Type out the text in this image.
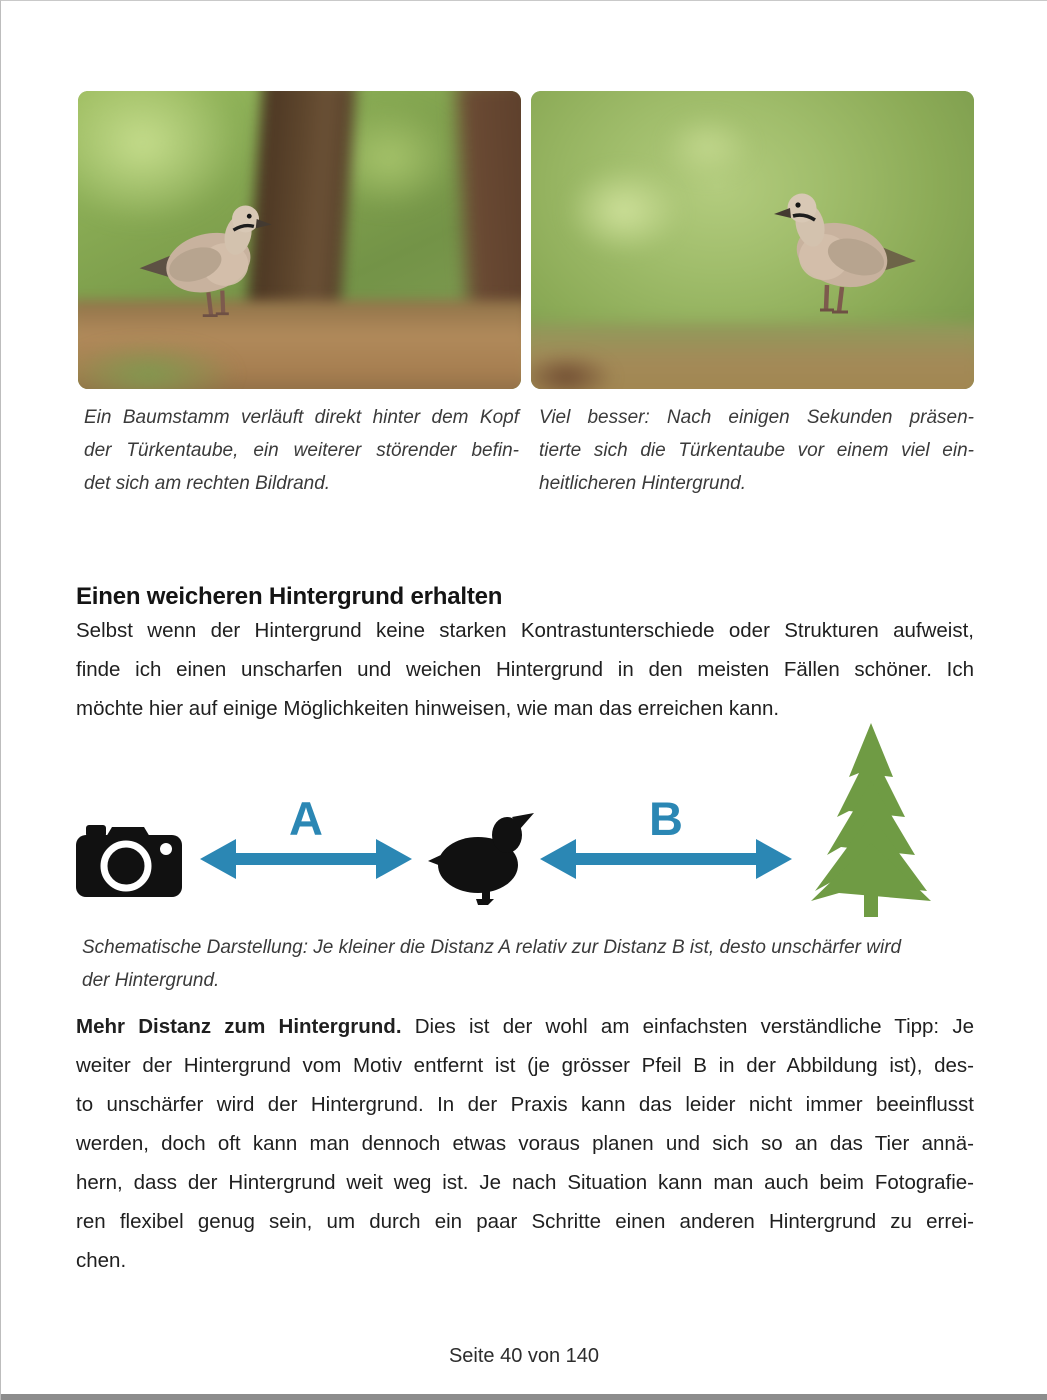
Ein Baumstamm verläuft direkt hinter dem Kopf
der Türkentaube, ein weiterer störender befin-
det sich am rechten Bildrand.
Viel besser: Nach einigen Sekunden präsen-
tierte sich die Türkentaube vor einem viel ein-
heitlicheren Hintergrund.
Einen weicheren Hintergrund erhalten
Selbst wenn der Hintergrund keine starken Kontrastunterschiede oder Strukturen aufweist,
finde ich einen unscharfen und weichen Hintergrund in den meisten Fällen schöner. Ich
möchte hier auf einige Möglichkeiten hinweisen, wie man das erreichen kann.
A	B
Schematische Darstellung: Je kleiner die Distanz A relativ zur Distanz B ist, desto unschärfer wird
der Hintergrund.
Mehr Distanz zum Hintergrund. Dies ist der wohl am einfachsten verständliche Tipp: Je
weiter der Hintergrund vom Motiv entfernt ist (je grösser Pfeil B in der Abbildung ist), des-
to unschärfer wird der Hintergrund. In der Praxis kann das leider nicht immer beeinflusst
werden, doch oft kann man dennoch etwas voraus planen und sich so an das Tier annä-
hern, dass der Hintergrund weit weg ist. Je nach Situation kann man auch beim Fotografie-
ren flexibel genug sein, um durch ein paar Schritte einen anderen Hintergrund zu errei-
chen.
Seite 40 von 140
